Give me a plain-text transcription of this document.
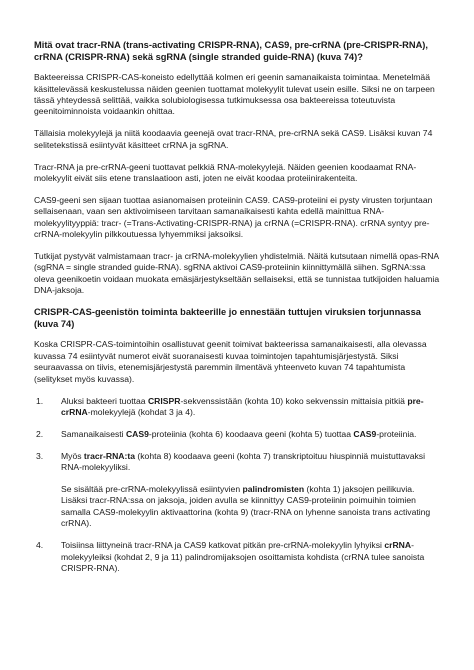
Mitä ovat tracr-RNA (trans-activating CRISPR-RNA), CAS9, pre-crRNA (pre-CRISPR-RNA), crRNA (CRISPR-RNA) sekä sgRNA (single stranded guide-RNA) (kuva 74)?

Bakteereissa CRISPR-CAS-koneisto edellyttää kolmen eri geenin samanaikaista toimintaa. Menetelmää käsittelevässä keskustelussa näiden geenien tuottamat molekyylit tulevat usein esille. Siksi ne on tarpeen tässä yhteydessä selittää, vaikka solubiologisessa tutkimuksessa osa bakteereissa toteutuvista geenitoiminnoista voidaankin ohittaa.

Tällaisia molekyylejä ja niitä koodaavia geenejä ovat tracr-RNA, pre-crRNA sekä CAS9. Lisäksi kuvan 74 selitetekstissä esiintyvät käsitteet crRNA ja sgRNA.

Tracr-RNA ja pre-crRNA-geeni tuottavat pelkkiä RNA-molekyylejä. Näiden geenien koodaamat RNA-molekyylit eivät siis etene translaatioon asti, joten ne eivät koodaa proteiinirakenteita.

CAS9-geeni sen sijaan tuottaa asianomaisen proteiinin CAS9. CAS9-proteiini ei pysty virusten torjuntaan sellaisenaan, vaan sen aktivoimiseen tarvitaan samanaikaisesti kahta edellä mainittua RNA-molekyylityyppiä: tracr- (=Trans-Activating-CRISPR-RNA) ja crRNA (=CRISPR-RNA). crRNA syntyy pre-crRNA-molekyylin pilkkoutuessa lyhyemmiksi jaksoiksi.

Tutkijat pystyvät valmistamaan tracr- ja crRNA-molekyylien yhdistelmiä. Näitä kutsutaan nimellä opas-RNA (sgRNA = single stranded guide-RNA). sgRNA aktivoi CAS9-proteiinin kiinnittymällä siihen. SgRNA:ssa oleva geenikoetin voidaan muokata emäsjärjestykseltään sellaiseksi, että se tunnistaa tutkijoiden haluamia DNA-jaksoja.

CRISPR-CAS-geenistön toiminta bakteerille jo ennestään tuttujen viruksien torjunnassa (kuva 74)

Koska CRISPR-CAS-toimintoihin osallistuvat geenit toimivat bakteerissa samanaikaisesti, alla olevassa kuvassa 74 esiintyvät numerot eivät suoranaisesti kuvaa toimintojen tapahtumisjärjestystä. Siksi seuraavassa on tiivis, etenemisjärjestystä paremmin ilmentävä yhteenveto kuvan 74 tapahtumista (selitykset myös kuvassa).

1. Aluksi bakteeri tuottaa CRISPR-sekvenssistään (kohta 10) koko sekvenssin mittaisia pitkiä pre-crRNA-molekyylejä (kohdat 3 ja 4).
2. Samanaikaisesti CAS9-proteiinia (kohta 6) koodaava geeni (kohta 5) tuottaa CAS9-proteiinia.
3. Myös tracr-RNA:ta (kohta 8) koodaava geeni (kohta 7) transkriptoituu hiuspinniä muistuttavaksi RNA-molekyyliksi.
Se sisältää pre-crRNA-molekyylissä esiintyvien palindromisten (kohta 1) jaksojen peilikuvia. Lisäksi tracr-RNA:ssa on jaksoja, joiden avulla se kiinnittyy CAS9-proteiinin poimuihin toimien samalla CAS9-molekyylin aktivaattorina (kohta 9) (tracr-RNA on lyhenne sanoista trans activating crRNA).
4. Toisiinsa liittyneinä tracr-RNA ja CAS9 katkovat pitkän pre-crRNA-molekyylin lyhyiksi crRNA-molekyyleiksi (kohdat 2, 9 ja 11) palindromijaksojen osoittamista kohdista (crRNA tulee sanoista CRISPR-RNA).
